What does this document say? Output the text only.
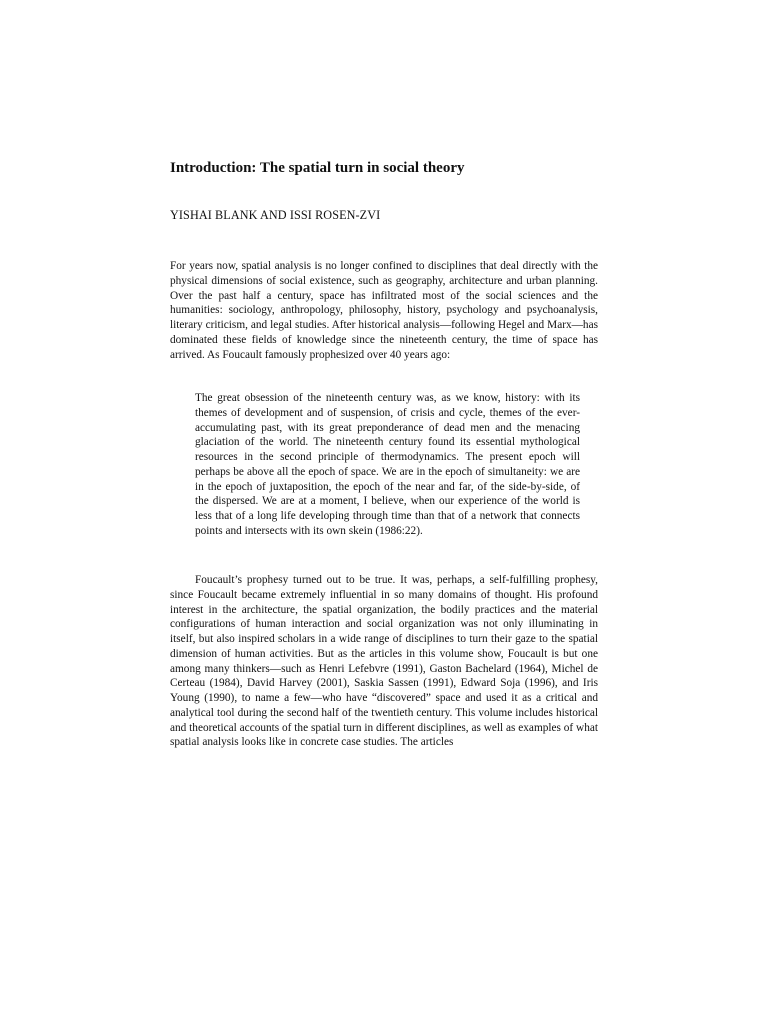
Introduction: The spatial turn in social theory
YISHAI BLANK AND ISSI ROSEN-ZVI

For years now, spatial analysis is no longer confined to disciplines that deal directly with the physical dimensions of social existence, such as geography, architecture and urban planning. Over the past half a century, space has infiltrated most of the social sciences and the humanities: sociology, anthropology, philosophy, history, psychology and psychoanalysis, literary criticism, and legal studies. After historical analysis—following Hegel and Marx—has dominated these fields of knowledge since the nineteenth century, the time of space has arrived. As Foucault famously prophesized over 40 years ago:

The great obsession of the nineteenth century was, as we know, history: with its themes of development and of suspension, of crisis and cycle, themes of the ever-accumulating past, with its great preponderance of dead men and the menacing glaciation of the world. The nineteenth century found its essential mythological resources in the second principle of thermodynamics. The present epoch will perhaps be above all the epoch of space. We are in the epoch of simultaneity: we are in the epoch of juxtaposition, the epoch of the near and far, of the side-by-side, of the dispersed. We are at a moment, I believe, when our experience of the world is less that of a long life developing through time than that of a network that connects points and intersects with its own skein (1986:22).

Foucault’s prophesy turned out to be true. It was, perhaps, a self-fulfilling prophesy, since Foucault became extremely influential in so many domains of thought. His profound interest in the architecture, the spatial organization, the bodily practices and the material configurations of human interaction and social organization was not only illuminating in itself, but also inspired scholars in a wide range of disciplines to turn their gaze to the spatial dimension of human activities. But as the articles in this volume show, Foucault is but one among many thinkers—such as Henri Lefebvre (1991), Gaston Bachelard (1964), Michel de Certeau (1984), David Harvey (2001), Saskia Sassen (1991), Edward Soja (1996), and Iris Young (1990), to name a few—who have “discovered” space and used it as a critical and analytical tool during the second half of the twentieth century. This volume includes historical and theoretical accounts of the spatial turn in different disciplines, as well as examples of what spatial analysis looks like in concrete case studies. The articles
